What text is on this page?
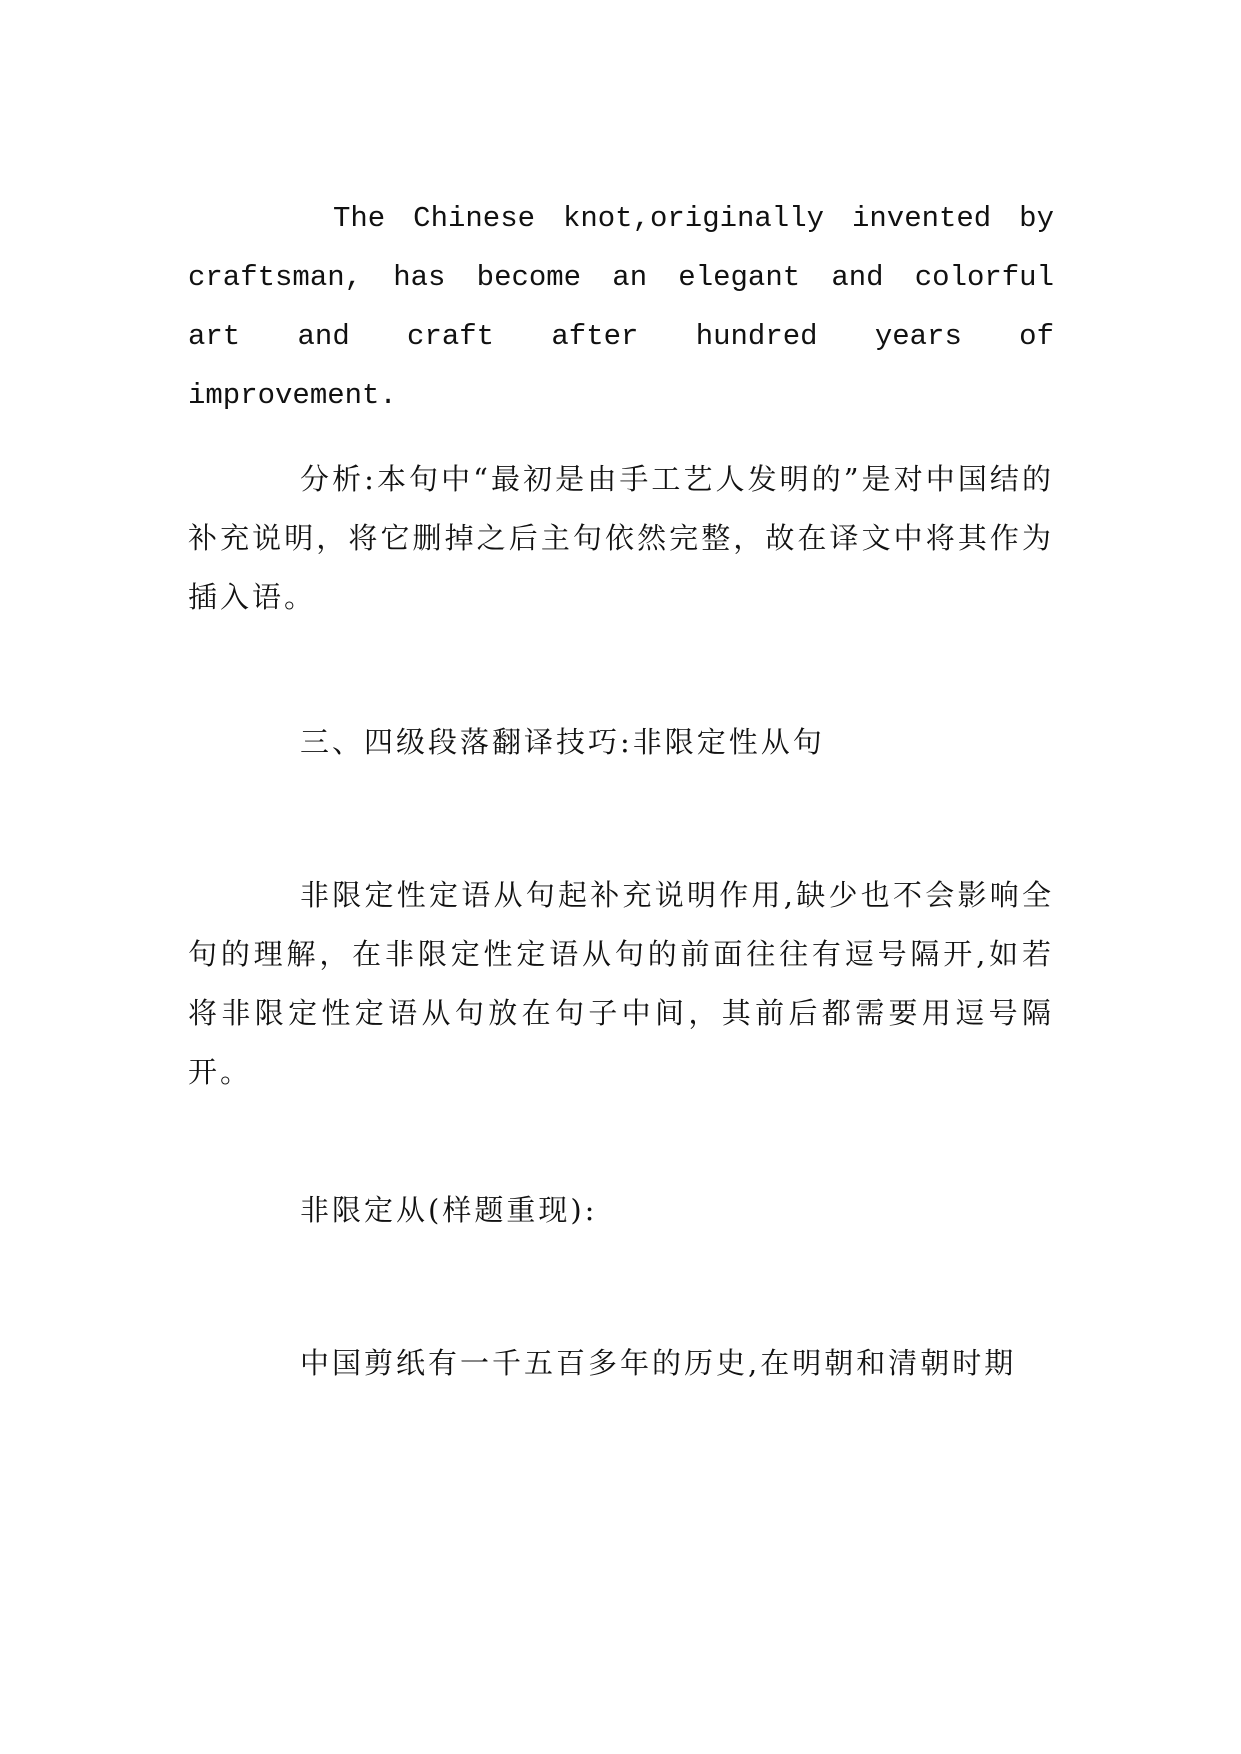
The Chinese knot,originally invented by craftsman, has become an elegant and colorful art and craft after hundred years of improvement.

分析:本句中“最初是由手工艺人发明的”是对中国结的补充说明，将它删掉之后主句依然完整，故在译文中将其作为插入语。

三、四级段落翻译技巧:非限定性从句

非限定性定语从句起补充说明作用,缺少也不会影响全句的理解，在非限定性定语从句的前面往往有逗号隔开,如若将非限定性定语从句放在句子中间，其前后都需要用逗号隔开。

非限定从(样题重现):

中国剪纸有一千五百多年的历史,在明朝和清朝时期
